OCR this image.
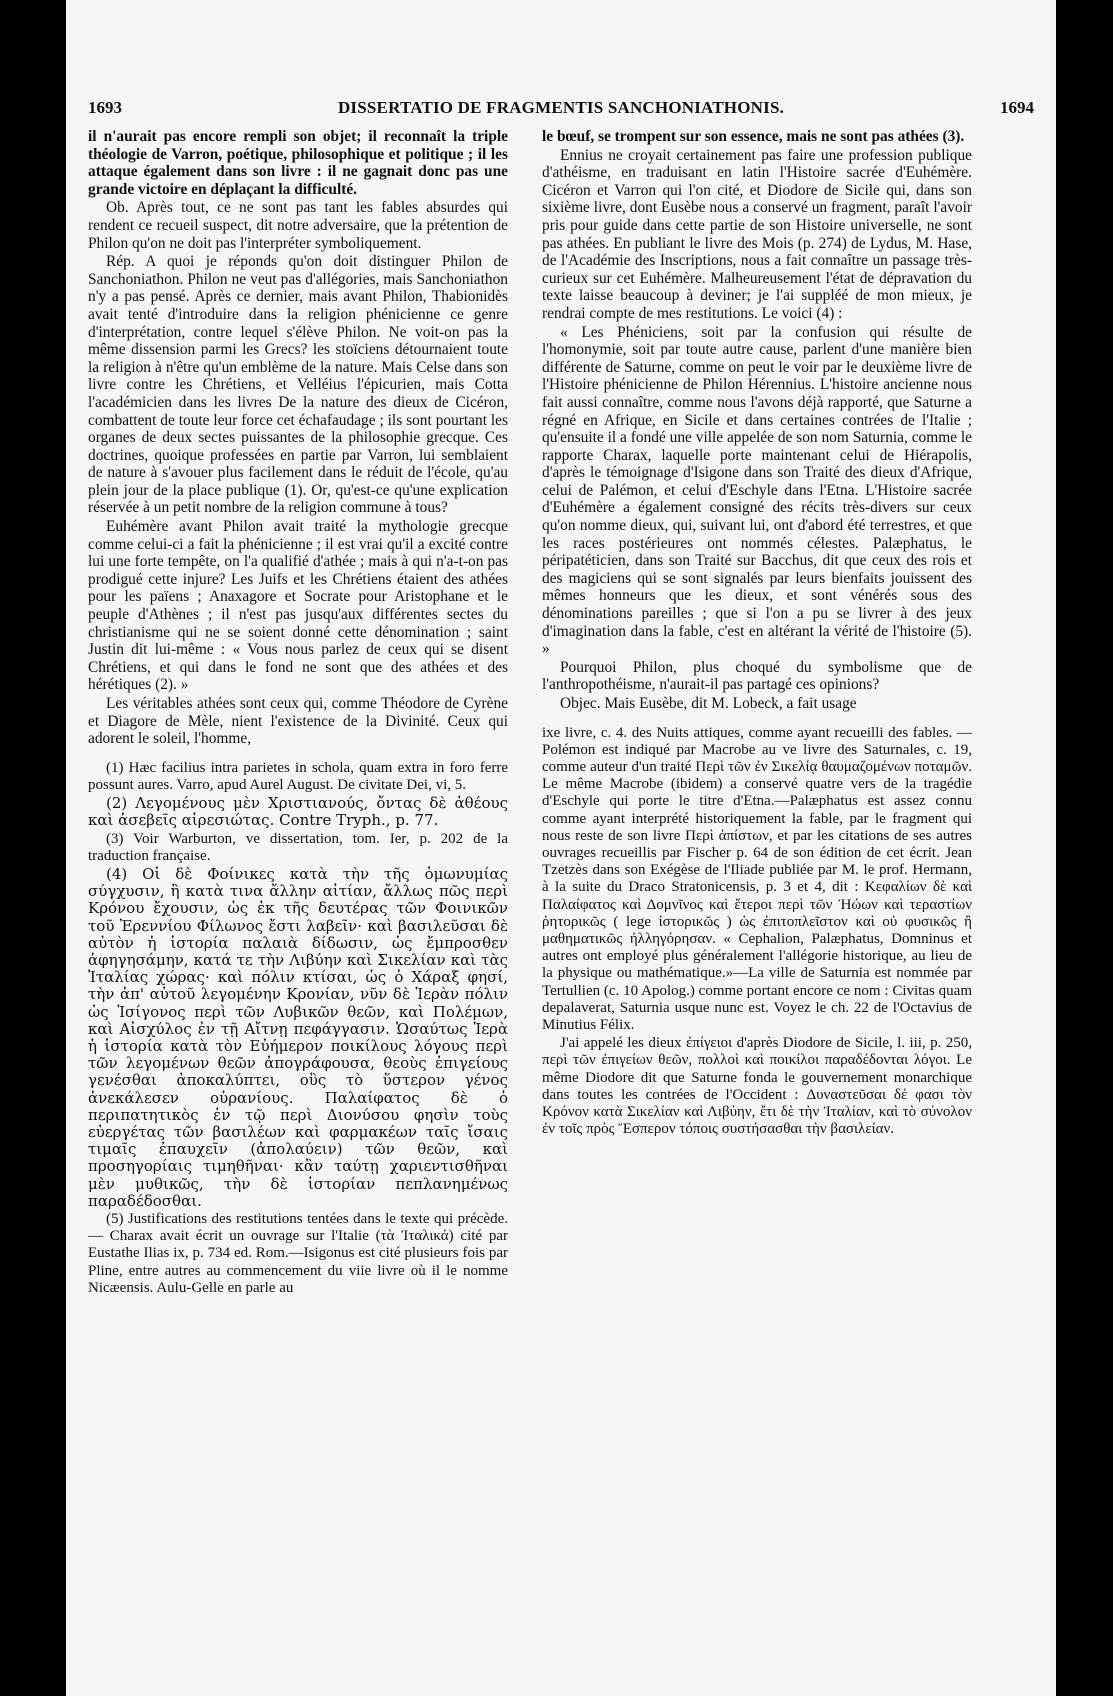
1693	DISSERTATIO DE FRAGMENTIS SANCHONIATHONIS.	1694

il n'aurait pas encore rempli son objet; il reconnaît la triple théologie de Varron, poétique, philosophique et politique ; il les attaque également dans son livre : il ne gagnait donc pas une grande victoire en déplaçant la difficulté.

Ob. Après tout, ce ne sont pas tant les fables absurdes qui rendent ce recueil suspect, dit notre adversaire, que la prétention de Philon qu'on ne doit pas l'interpréter symboliquement.

Rép. A quoi je réponds qu'on doit distinguer Philon de Sanchoniathon. Philon ne veut pas d'allégories, mais Sanchoniathon n'y a pas pensé. Après ce dernier, mais avant Philon, Thabionidès avait tenté d'introduire dans la religion phénicienne ce genre d'interprétation, contre lequel s'élève Philon. Ne voit-on pas la même dissension parmi les Grecs? les stoïciens détournaient toute la religion à n'être qu'un emblème de la nature. Mais Celse dans son livre contre les Chrétiens, et Velléius l'épicurien, mais Cotta l'académicien dans les livres De la nature des dieux de Cicéron, combattent de toute leur force cet échafaudage ; ils sont pourtant les organes de deux sectes puissantes de la philosophie grecque. Ces doctrines, quoique professées en partie par Varron, lui semblaient de nature à s'avouer plus facilement dans le réduit de l'école, qu'au plein jour de la place publique (1). Or, qu'est-ce qu'une explication réservée à un petit nombre de la religion commune à tous?

Euhémère avant Philon avait traité la mythologie grecque comme celui-ci a fait la phénicienne ; il est vrai qu'il a excité contre lui une forte tempête, on l'a qualifié d'athée ; mais à qui n'a-t-on pas prodigué cette injure? Les Juifs et les Chrétiens étaient des athées pour les païens ; Anaxagore et Socrate pour Aristophane et le peuple d'Athènes ; il n'est pas jusqu'aux différentes sectes du christianisme qui ne se soient donné cette dénomination ; saint Justin dit lui-même : « Vous nous parlez de ceux qui se disent Chrétiens, et qui dans le fond ne sont que des athées et des hérétiques (2). »

Les véritables athées sont ceux qui, comme Théodore de Cyrène et Diagore de Mèle, nient l'existence de la Divinité. Ceux qui adorent le soleil, l'homme,

(1) Hæc facilius intra parietes in schola, quam extra in foro ferre possunt aures. Varro, apud Aurel August. De civitate Dei, vi, 5.

(2) Λεγομένους μὲν Χριστιανούς, ὄντας δὲ ἀθέους καὶ ἀσεβεῖς αἱρεσιώτας. Contre Tryph., p. 77.

(3) Voir Warburton, ve dissertation, tom. Ier, p. 202 de la traduction française.

(4) Οἱ δὲ Φοίνικες κατὰ τὴν τῆς ὁμωνυμίας σύγχυσιν, ἢ κατὰ τινα ἄλλην αἰτίαν, ἄλλως πῶς περὶ Κρόνου ἔχουσιν, ὡς ἐκ τῆς δευτέρας τῶν Φοινικῶν τοῦ Ἐρεννίου Φίλωνος ἔστι λαβεῖν· καὶ βασιλεῦσαι δὲ αὐτὸν ἡ ἱστορία παλαιὰ δίδωσιν, ὡς ἔμπροσθεν ἀφηγησάμην, κατά τε τὴν Λιβύην καὶ Σικελίαν καὶ τὰς Ἰταλίας χώρας· καὶ πόλιν κτίσαι, ὡς ὁ Χάραξ φησί, τὴν ἀπ' αὐτοῦ λεγομένην Κρονίαν, νῦν δὲ Ἱερὰν πόλιν ὡς Ἰσίγονος περὶ τῶν Λυβικῶν θεῶν, καὶ Πολέμων, καὶ Αἰσχύλος ἐν τῇ Αἴτνῃ πεφάγγασιν. Ὡσαύτως Ἱερὰ ἡ ἱστορία κατὰ τὸν Εὐήμερον ποικίλους λόγους περὶ τῶν λεγομένων θεῶν ἀπογράφουσα, θεοὺς ἐπιγείους γενέσθαι ἀποκαλύπτει, οὓς τὸ ὕστερον γένος ἀνεκάλεσεν οὐρανίους. Παλαίφατος δὲ ὁ περιπατητικὸς ἐν τῷ περὶ Διονύσου φησὶν τοὺς εὐεργέτας τῶν βασιλέων καὶ φαρμακέων ταῖς ἴσαις τιμαῖς ἐπαυχεῖν (ἀπολαύειν) τῶν θεῶν, καὶ προσηγορίαις τιμηθῆναι· κἂν ταύτῃ χαριεντισθῆναι μὲν μυθικῶς, τὴν δὲ ἱστορίαν πεπλανημένως παραδέδοσθαι.

(5) Justifications des restitutions tentées dans le texte qui précède. — Charax avait écrit un ouvrage sur l'Italie (τὰ Ἰταλικά) cité par Eustathe Ilias ix, p. 734 ed. Rom.—Isigonus est cité plusieurs fois par Pline, entre autres au commencement du viie livre où il le nomme Nicæensis. Aulu-Gelle en parle au

le bœuf, se trompent sur son essence, mais ne sont pas athées (3).

Ennius ne croyait certainement pas faire une profession publique d'athéisme, en traduisant en latin l'Histoire sacrée d'Euhémère. Cicéron et Varron qui l'on cité, et Diodore de Sicile qui, dans son sixième livre, dont Eusèbe nous a conservé un fragment, paraît l'avoir pris pour guide dans cette partie de son Histoire universelle, ne sont pas athées. En publiant le livre des Mois (p. 274) de Lydus, M. Hase, de l'Académie des Inscriptions, nous a fait connaître un passage très-curieux sur cet Euhémère. Malheureusement l'état de dépravation du texte laisse beaucoup à deviner; je l'ai suppléé de mon mieux, je rendrai compte de mes restitutions. Le voici (4) :

« Les Phéniciens, soit par la confusion qui résulte de l'homonymie, soit par toute autre cause, parlent d'une manière bien différente de Saturne, comme on peut le voir par le deuxième livre de l'Histoire phénicienne de Philon Hérennius. L'histoire ancienne nous fait aussi connaître, comme nous l'avons déjà rapporté, que Saturne a régné en Afrique, en Sicile et dans certaines contrées de l'Italie ; qu'ensuite il a fondé une ville appelée de son nom Saturnia, comme le rapporte Charax, laquelle porte maintenant celui de Hiérapolis, d'après le témoignage d'Isigone dans son Traité des dieux d'Afrique, celui de Palémon, et celui d'Eschyle dans l'Etna. L'Histoire sacrée d'Euhémère a également consigné des récits très-divers sur ceux qu'on nomme dieux, qui, suivant lui, ont d'abord été terrestres, et que les races postérieures ont nommés célestes. Palæphatus, le péripatéticien, dans son Traité sur Bacchus, dit que ceux des rois et des magiciens qui se sont signalés par leurs bienfaits jouissent des mêmes honneurs que les dieux, et sont vénérés sous des dénominations pareilles ; que si l'on a pu se livrer à des jeux d'imagination dans la fable, c'est en altérant la vérité de l'histoire (5). »

Pourquoi Philon, plus choqué du symbolisme que de l'anthropothéisme, n'aurait-il pas partagé ces opinions?

Objec. Mais Eusèbe, dit M. Lobeck, a fait usage

ixe livre, c. 4. des Nuits attiques, comme ayant recueilli des fables. — Polémon est indiqué par Macrobe au ve livre des Saturnales, c. 19, comme auteur d'un traité Περὶ τῶν ἐν Σικελίᾳ θαυμαζομένων ποταμῶν. Le même Macrobe (ibidem) a conservé quatre vers de la tragédie d'Eschyle qui porte le titre d'Etna.—Palæphatus est assez connu comme ayant interprété historiquement la fable, par le fragment qui nous reste de son livre Περὶ ἀπίστων, et par les citations de ses autres ouvrages recueillis par Fischer p. 64 de son édition de cet écrit. Jean Tzetzès dans son Exégèse de l'Iliade publiée par M. le prof. Hermann, à la suite du Draco Stratonicensis, p. 3 et 4, dit : Κεφαλίων δὲ καὶ Παλαίφατος καὶ Δομνῖνος καὶ ἕτεροι περὶ τῶν Ἡώων καὶ τεραστίων ῥητορικῶς ( lege ἱστορικῶς ) ὡς ἐπιτοπλεῖστον καὶ οὐ φυσικῶς ἢ μαθηματικῶς ἠλληγόρησαν. « Cephalion, Palæphatus, Domninus et autres ont employé plus généralement l'allégorie historique, au lieu de la physique ou mathématique.»—La ville de Saturnia est nommée par Tertullien (c. 10 Apolog.) comme portant encore ce nom : Civitas quam depalaverat, Saturnia usque nunc est. Voyez le ch. 22 de l'Octavius de Minutius Félix.

J'ai appelé les dieux ἐπίγειοι d'après Diodore de Sicile, l. iii, p. 250, περὶ τῶν ἐπιγείων θεῶν, πολλοὶ καὶ ποικίλοι παραδέδονται λόγοι. Le même Diodore dit que Saturne fonda le gouvernement monarchique dans toutes les contrées de l'Occident : Δυναστεῦσαι δέ φασι τὸν Κρόνον κατὰ Σικελίαν καὶ Λιβύην, ἔτι δὲ τὴν Ἰταλίαν, καὶ τὸ σύνολον ἐν τοῖς πρὸς Ἕσπερον τόποις συστήσασθαι τὴν βασιλείαν.
